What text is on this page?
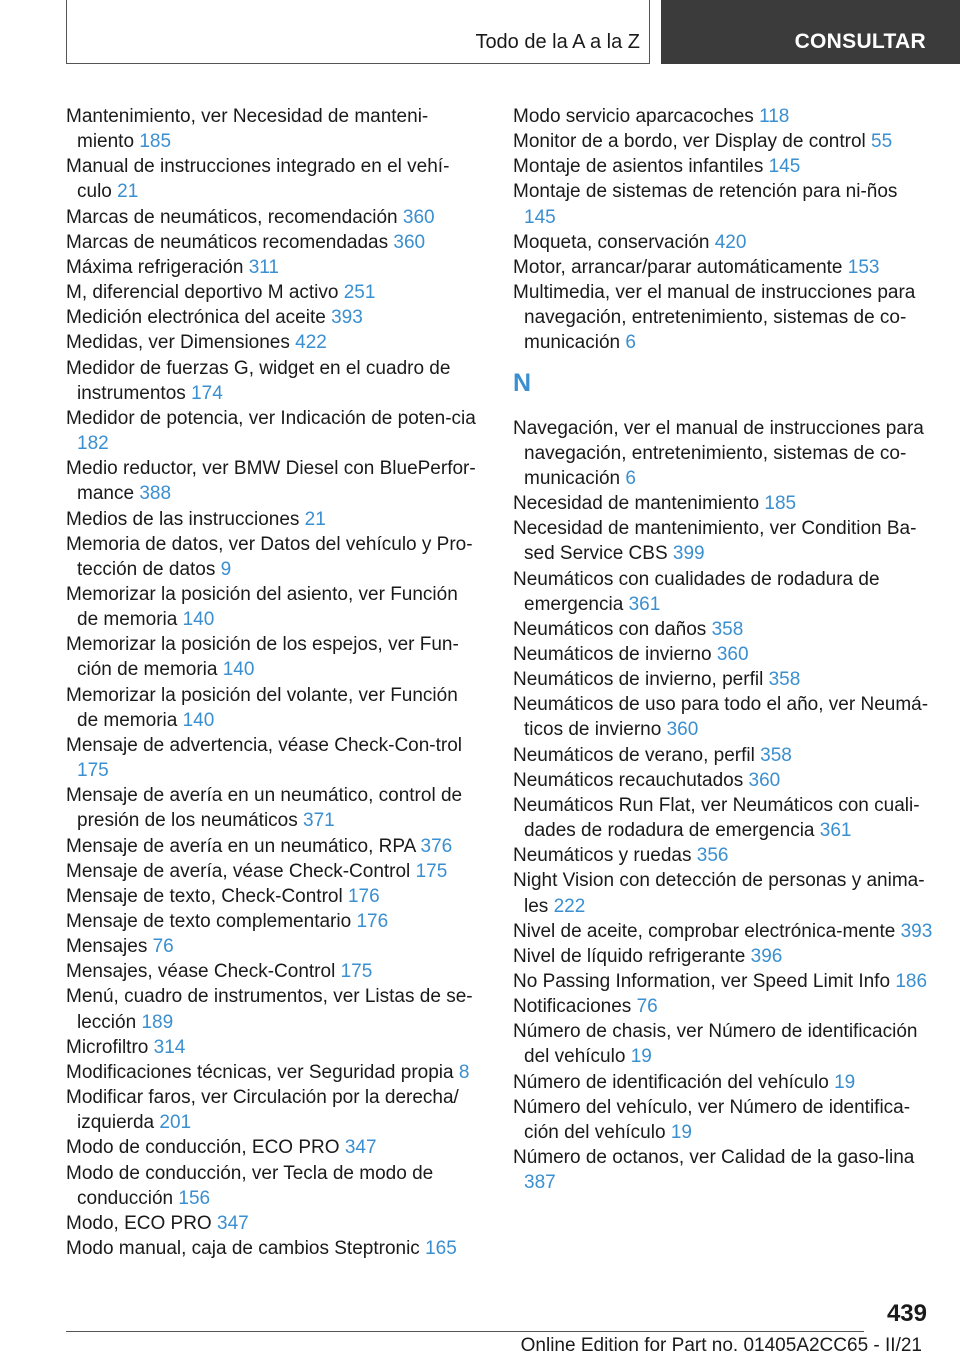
Todo de la A a la Z	CONSULTAR
Mantenimiento, ver Necesidad de manteni-miento 185
Manual de instrucciones integrado en el vehí-culo 21
Marcas de neumáticos, recomendación 360
Marcas de neumáticos recomendadas 360
Máxima refrigeración 311
M, diferencial deportivo M activo 251
Medición electrónica del aceite 393
Medidas, ver Dimensiones 422
Medidor de fuerzas G, widget en el cuadro de instrumentos 174
Medidor de potencia, ver Indicación de poten-cia 182
Medio reductor, ver BMW Diesel con BluePerfor-mance 388
Medios de las instrucciones 21
Memoria de datos, ver Datos del vehículo y Pro-tección de datos 9
Memorizar la posición del asiento, ver Función de memoria 140
Memorizar la posición de los espejos, ver Fun-ción de memoria 140
Memorizar la posición del volante, ver Función de memoria 140
Mensaje de advertencia, véase Check-Con-trol 175
Mensaje de avería en un neumático, control de presión de los neumáticos 371
Mensaje de avería en un neumático, RPA 376
Mensaje de avería, véase Check-Control 175
Mensaje de texto, Check-Control 176
Mensaje de texto complementario 176
Mensajes 76
Mensajes, véase Check-Control 175
Menú, cuadro de instrumentos, ver Listas de se-lección 189
Microfiltro 314
Modificaciones técnicas, ver Seguridad propia 8
Modificar faros, ver Circulación por la derecha/ izquierda 201
Modo de conducción, ECO PRO 347
Modo de conducción, ver Tecla de modo de conducción 156
Modo, ECO PRO 347
Modo manual, caja de cambios Steptronic 165
Modo servicio aparcacoches 118
Monitor de a bordo, ver Display de control 55
Montaje de asientos infantiles 145
Montaje de sistemas de retención para ni-ños 145
Moqueta, conservación 420
Motor, arrancar/parar automáticamente 153
Multimedia, ver el manual de instrucciones para navegación, entretenimiento, sistemas de co-municación 6
N
Navegación, ver el manual de instrucciones para navegación, entretenimiento, sistemas de co-municación 6
Necesidad de mantenimiento 185
Necesidad de mantenimiento, ver Condition Ba-sed Service CBS 399
Neumáticos con cualidades de rodadura de emergencia 361
Neumáticos con daños 358
Neumáticos de invierno 360
Neumáticos de invierno, perfil 358
Neumáticos de uso para todo el año, ver Neumá-ticos de invierno 360
Neumáticos de verano, perfil 358
Neumáticos recauchutados 360
Neumáticos Run Flat, ver Neumáticos con cuali-dades de rodadura de emergencia 361
Neumáticos y ruedas 356
Night Vision con detección de personas y anima-les 222
Nivel de aceite, comprobar electrónica-mente 393
Nivel de líquido refrigerante 396
No Passing Information, ver Speed Limit Info 186
Notificaciones 76
Número de chasis, ver Número de identificación del vehículo 19
Número de identificación del vehículo 19
Número del vehículo, ver Número de identifica-ción del vehículo 19
Número de octanos, ver Calidad de la gaso-lina 387
439
Online Edition for Part no. 01405A2CC65 - II/21
